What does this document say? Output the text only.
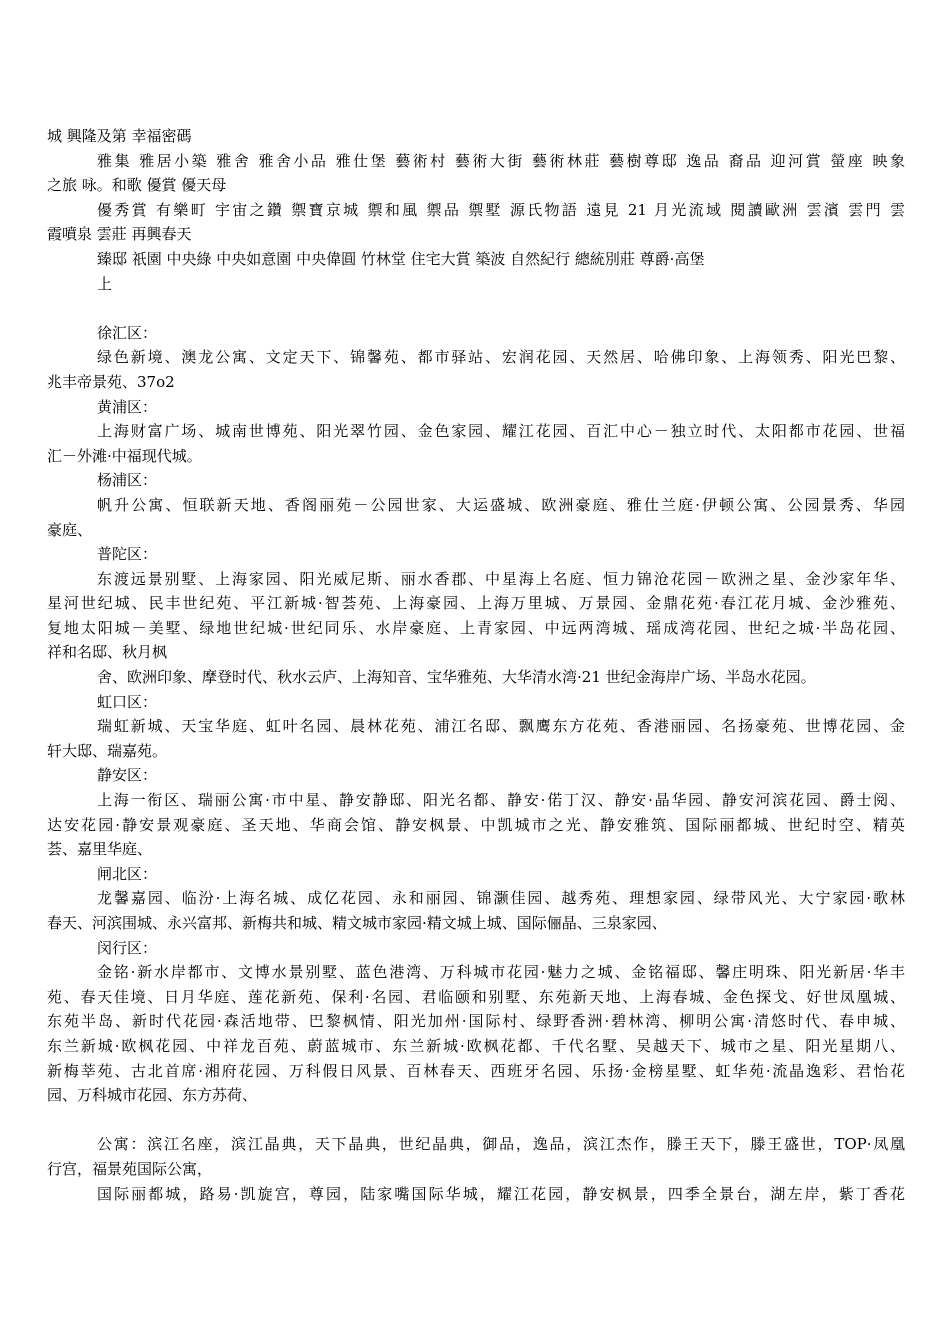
城 興隆及第 幸福密碼
雅集 雅居小築 雅舍 雅舍小品 雅仕堡 藝術村 藝術大街 藝術林莊 藝樹尊邸 逸品 裔品 迎河賞 螢座 映象
之旅 咏。和歌 優賞 優天母
優秀賞 有樂町 宇宙之鑽 禦寶京城 禦和風 禦品 禦墅 源氏物語 遠見 21 月光流域 閱讀歐洲 雲濱 雲門 雲
霞噴泉 雲莊 再興春天
臻邸 祇園 中央綠 中央如意園 中央偉圓 竹林堂 住宅大賞 築波 自然紀行 總統別莊 尊爵·高堡
上
徐汇区：
绿色新境、澳龙公寓、文定天下、锦馨苑、都市驿站、宏润花园、天然居、哈佛印象、上海领秀、阳光巴黎、
兆丰帝景苑、37o2
黄浦区：
上海财富广场、城南世博苑、阳光翠竹园、金色家园、耀江花园、百汇中心－独立时代、太阳都市花园、世福
汇－外滩·中福现代城。
杨浦区：
帆升公寓、恒联新天地、香阁丽苑－公园世家、大运盛城、欧洲豪庭、雅仕兰庭·伊顿公寓、公园景秀、华园
豪庭、
普陀区：
东渡远景别墅、上海家园、阳光威尼斯、丽水香郡、中星海上名庭、恒力锦沧花园－欧洲之星、金沙家年华、
星河世纪城、民丰世纪苑、平江新城·智荟苑、上海豪园、上海万里城、万景园、金鼎花苑·春江花月城、金沙雅苑、
复地太阳城－美墅、绿地世纪城·世纪同乐、水岸豪庭、上青家园、中远两湾城、瑶成湾花园、世纪之城·半岛花园、
祥和名邸、秋月枫
舍、欧洲印象、摩登时代、秋水云庐、上海知音、宝华雅苑、大华清水湾·21 世纪金海岸广场、半岛水花园。
虹口区：
瑞虹新城、天宝华庭、虹叶名园、晨林花苑、浦江名邸、飘鹰东方花苑、香港丽园、名扬豪苑、世博花园、金
轩大邸、瑞嘉苑。
静安区：
上海一衔区、瑞丽公寓·市中星、静安静邸、阳光名都、静安·偌丁汉、静安·晶华园、静安河滨花园、爵士阅、
达安花园·静安景观豪庭、圣天地、华商会馆、静安枫景、中凯城市之光、静安雅筑、国际丽都城、世纪时空、精英
荟、嘉里华庭、
闸北区：
龙馨嘉园、临汾·上海名城、成亿花园、永和丽园、锦灏佳园、越秀苑、理想家园、绿带风光、大宁家园·歌林
春天、河滨围城、永兴富邦、新梅共和城、精文城市家园·精文城上城、国际俪晶、三泉家园、
闵行区：
金铭·新水岸都市、文博水景别墅、蓝色港湾、万科城市花园·魅力之城、金铭福邸、馨庄明珠、阳光新居·华丰
苑、春天佳境、日月华庭、莲花新苑、保利·名园、君临颐和别墅、东苑新天地、上海春城、金色探戈、好世凤凰城、
东苑半岛、新时代花园·森活地带、巴黎枫情、阳光加州·国际村、绿野香洲·碧林湾、柳明公寓·清悠时代、春申城、
东兰新城·欧枫花园、中祥龙百苑、蔚蓝城市、东兰新城·欧枫花都、千代名墅、吴越天下、城市之星、阳光星期八、
新梅莘苑、古北首席·湘府花园、万科假日风景、百林春天、西班牙名园、乐扬·金榜星墅、虹华苑·流晶逸彩、君怡花
园、万科城市花园、东方苏荷、
公寓：滨江名座，滨江晶典，天下晶典，世纪晶典，御品，逸品，滨江杰作，滕王天下，滕王盛世，TOP·凤凰
行宫，福景苑国际公寓，
国际丽都城，路易·凯旋宫，尊园，陆家嘴国际华城，耀江花园，静安枫景，四季全景台，湖左岸，紫丁香花
